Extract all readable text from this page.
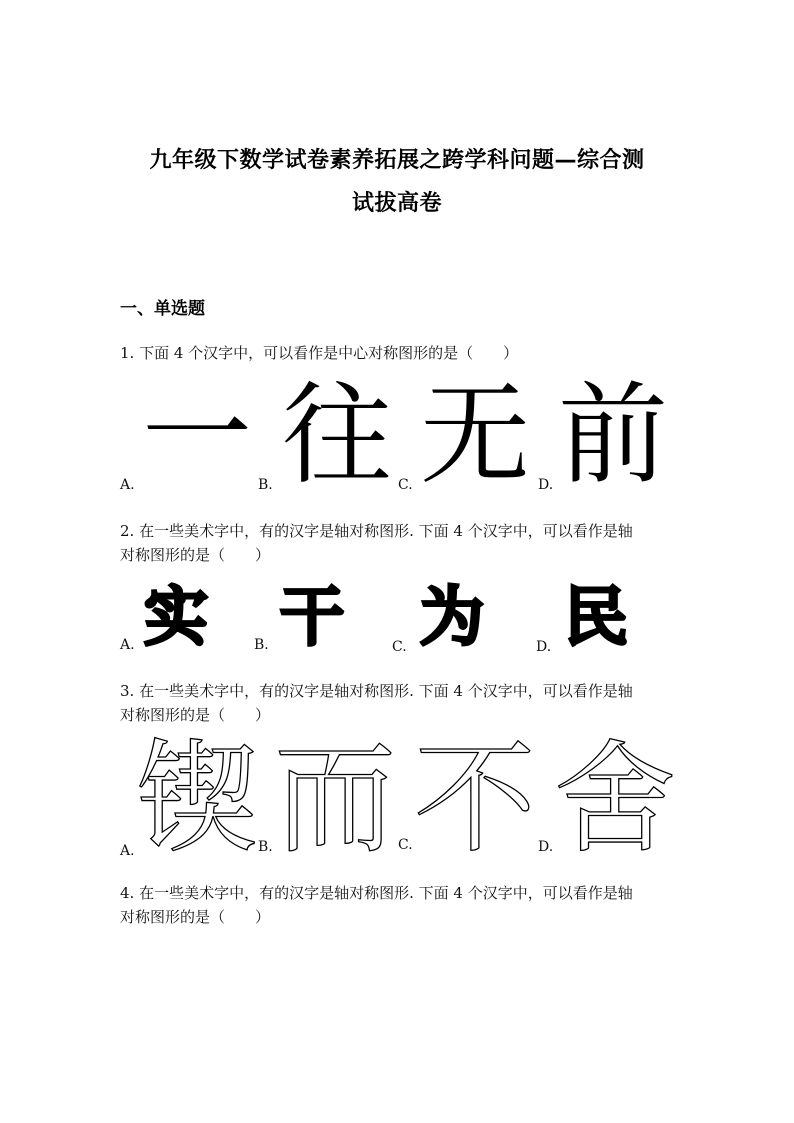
九年级下数学试卷素养拓展之跨学科问题—综合测
试拔高卷
一、单选题
1. 下面 4 个汉字中，可以看作是中心对称图形的是（　　）
A. 一 B. 往 C. 无 D. 前
2. 在一些美术字中，有的汉字是轴对称图形. 下面 4 个汉字中，可以看作是轴
对称图形的是（　　）
A. 实	B. 干	C. 为	D. 民
3. 在一些美术字中，有的汉字是轴对称图形. 下面 4 个汉字中，可以看作是轴
对称图形的是（　　）
A. 锲 B. 而 C. 不 D. 舍
4. 在一些美术字中，有的汉字是轴对称图形. 下面 4 个汉字中，可以看作是轴
对称图形的是（　　）
